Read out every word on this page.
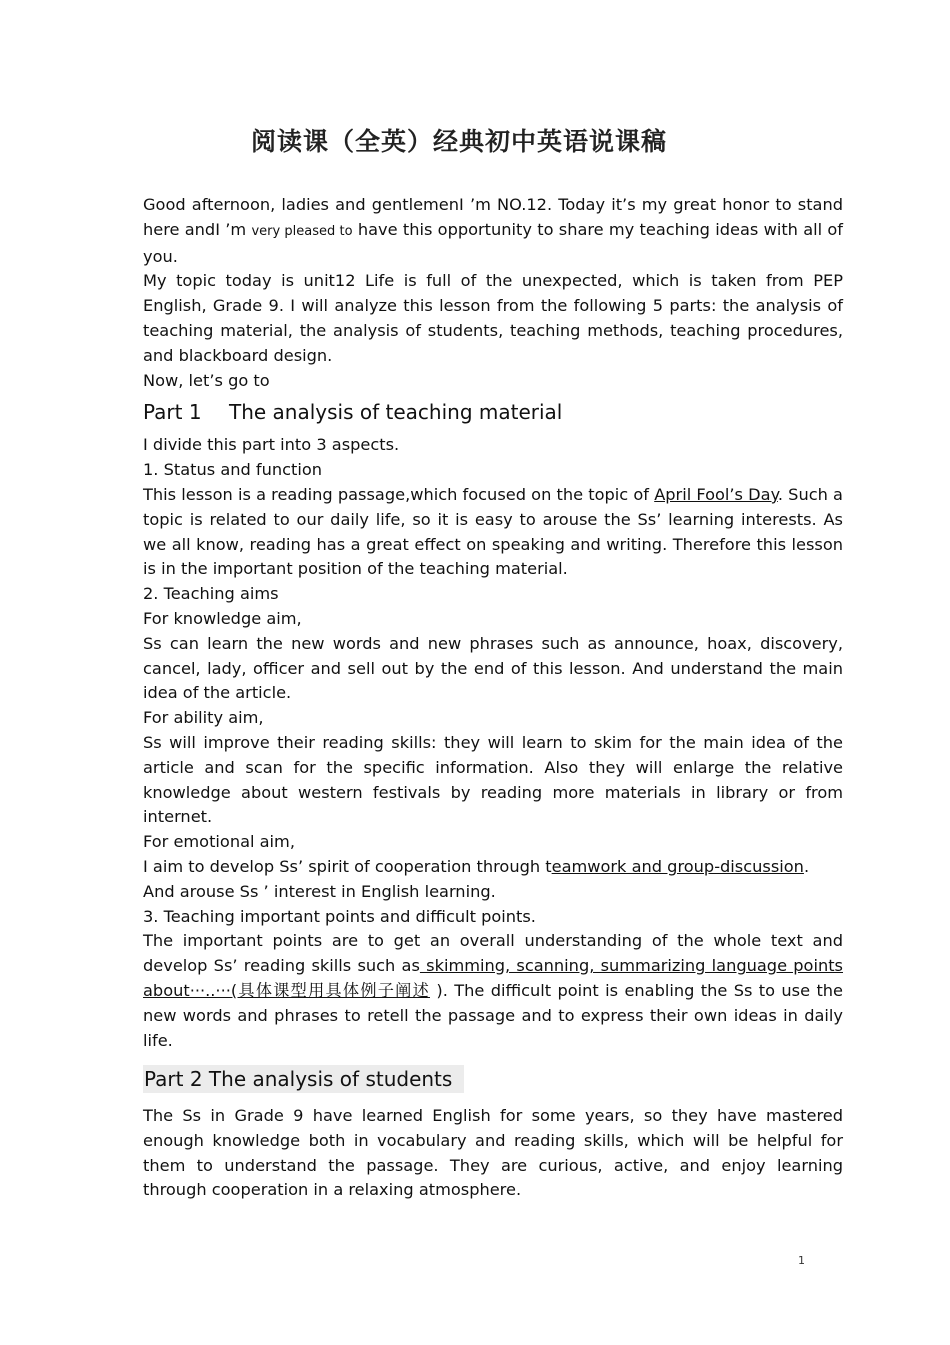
阅读课（全英）经典初中英语说课稿

Good afternoon, ladies and gentlemenI ’m NO.12. Today it’s my great honor to stand here andI ’m very pleased to have this opportunity to share my teaching ideas with all of you.

My topic today is unit12 Life is full of the unexpected, which is taken from PEP English, Grade 9. I will analyze this lesson from the following 5 parts: the analysis of teaching material, the analysis of students, teaching methods, teaching procedures, and blackboard design.

Now, let’s go to

Part 1 The analysis of teaching material

I divide this part into 3 aspects.

1. Status and function

This lesson is a reading passage,which focused on the topic of April Fool’s Day. Such a topic is related to our daily life, so it is easy to arouse the Ss’ learning interests. As we all know, reading has a great effect on speaking and writing. Therefore this lesson is in the important position of the teaching material.

2. Teaching aims

For knowledge aim,

Ss can learn the new words and new phrases such as announce, hoax, discovery, cancel, lady, officer and sell out by the end of this lesson. And understand the main idea of the article.

For ability aim,

Ss will improve their reading skills: they will learn to skim for the main idea of the article and scan for the specific information. Also they will enlarge the relative knowledge about western festivals by reading more materials in library or from internet.

For emotional aim,

I aim to develop Ss’ spirit of cooperation through teamwork and group-discussion.

And arouse Ss ’ interest in English learning.

3. Teaching important points and difficult points.

The important points are to get an overall understanding of the whole text and develop Ss’ reading skills such as skimming, scanning, summarizing language points about···..···(具体课型用具体例子阐述 ). The difficult point is enabling the Ss to use the new words and phrases to retell the passage and to express their own ideas in daily life.

Part 2 The analysis of students

The Ss in Grade 9 have learned English for some years, so they have mastered enough knowledge both in vocabulary and reading skills, which will be helpful for them to understand the passage. They are curious, active, and enjoy learning through cooperation in a relaxing atmosphere.

1
